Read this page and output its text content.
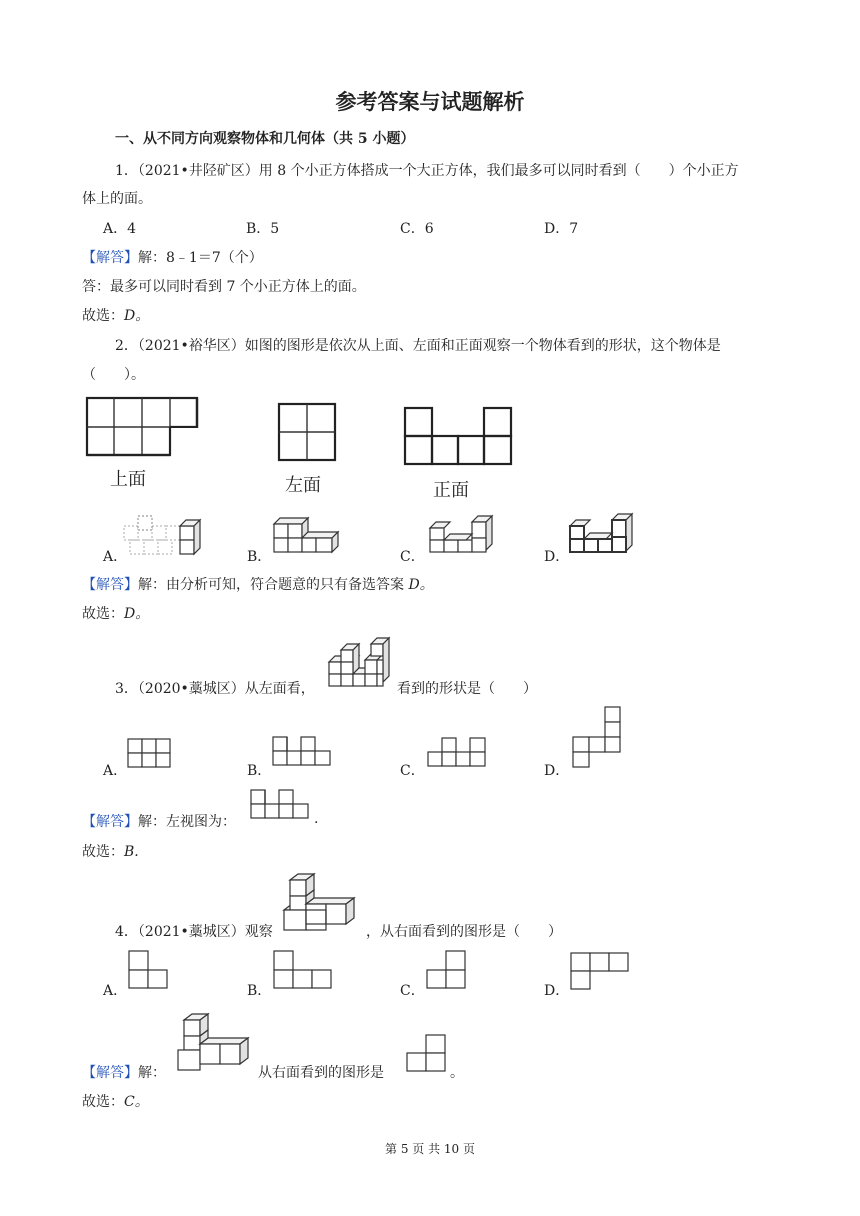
参考答案与试题解析
一、从不同方向观察物体和几何体（共 5 小题）
1．（2021•井陉矿区）用 8 个小正方体搭成一个大正方体，我们最多可以同时看到（　　）个小正方
体上的面。
A．4	B．5	C．6	D．7
【解答】解：8﹣1＝7（个）
答：最多可以同时看到 7 个小正方体上的面。
故选：D。
2．（2021•裕华区）如图的图形是依次从上面、左面和正面观察一个物体看到的形状，这个物体是
（　　）。
上面	左面	正面
A．	B．	C．	D．
【解答】解：由分析可知，符合题意的只有备选答案 D。
故选：D。
3．（2020•藁城区）从左面看，	看到的形状是（　　）
A．	B．	C．	D．
【解答】解：左视图为：	.
故选：B.
4．（2021•藁城区）观察	，从右面看到的图形是（　　）
A．	B．	C．	D．
【解答】解：	从右面看到的图形是	。
故选：C。
第 5 页 共 10 页
